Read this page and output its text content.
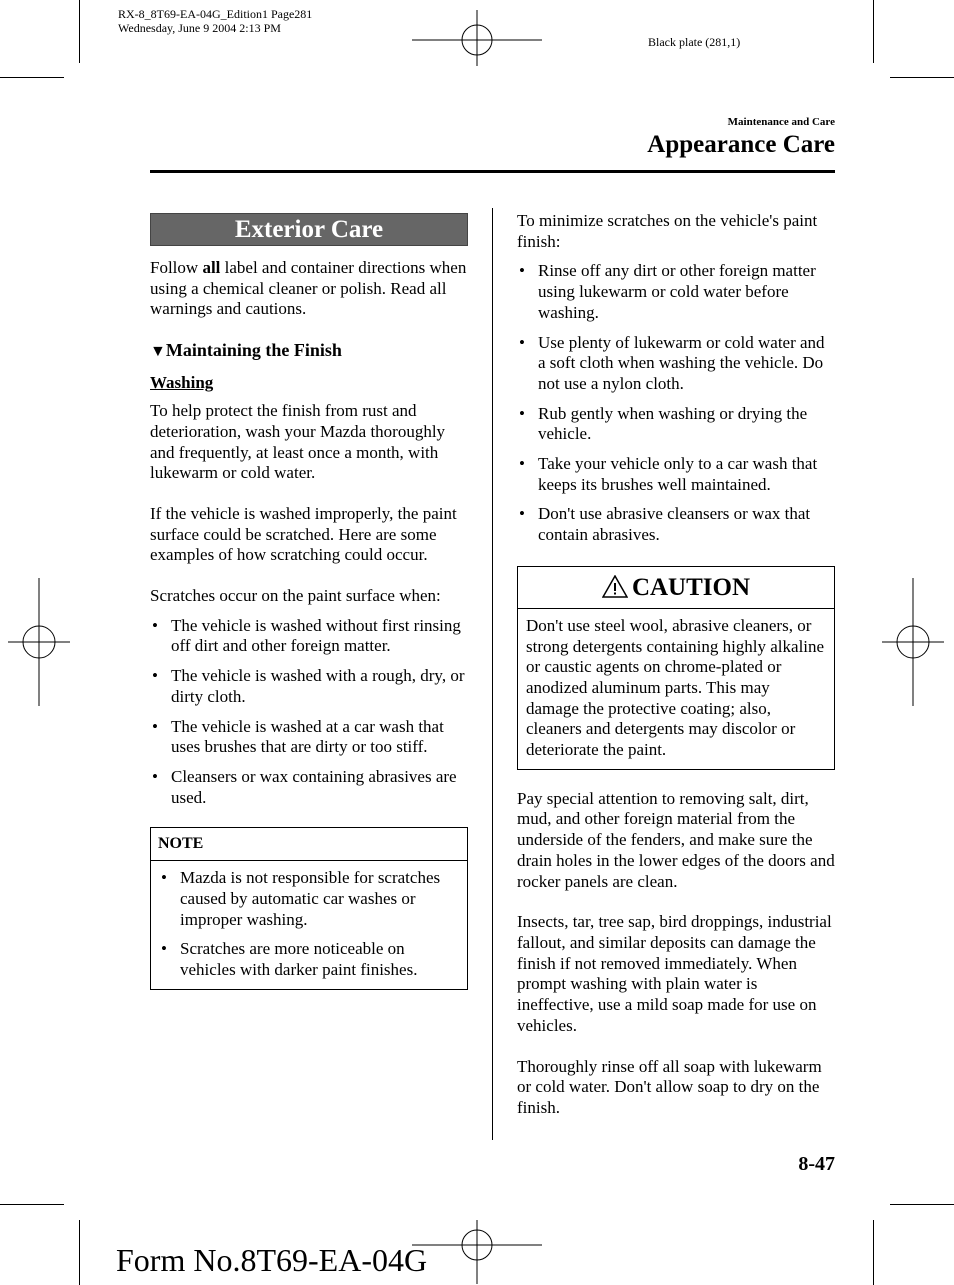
RX-8_8T69-EA-04G_Edition1 Page281
Wednesday, June 9 2004 2:13 PM
Black plate (281,1)
Maintenance and Care
Appearance Care
Exterior Care

Follow all label and container directions when using a chemical cleaner or polish. Read all warnings and cautions.

▼Maintaining the Finish
Washing

To help protect the finish from rust and deterioration, wash your Mazda thoroughly and frequently, at least once a month, with lukewarm or cold water.

If the vehicle is washed improperly, the paint surface could be scratched. Here are some examples of how scratching could occur.

Scratches occur on the paint surface when:

• The vehicle is washed without first rinsing off dirt and other foreign matter.
• The vehicle is washed with a rough, dry, or dirty cloth.
• The vehicle is washed at a car wash that uses brushes that are dirty or too stiff.
• Cleansers or wax containing abrasives are used.
NOTE
• Mazda is not responsible for scratches caused by automatic car washes or improper washing.
• Scratches are more noticeable on vehicles with darker paint finishes.

To minimize scratches on the vehicle's paint finish:

• Rinse off any dirt or other foreign matter using lukewarm or cold water before washing.
• Use plenty of lukewarm or cold water and a soft cloth when washing the vehicle. Do not use a nylon cloth.
• Rub gently when washing or drying the vehicle.
• Take your vehicle only to a car wash that keeps its brushes well maintained.
• Don't use abrasive cleansers or wax that contain abrasives.
CAUTION

Don't use steel wool, abrasive cleaners, or strong detergents containing highly alkaline or caustic agents on chrome-plated or anodized aluminum parts. This may damage the protective coating; also, cleaners and detergents may discolor or deteriorate the paint.

Pay special attention to removing salt, dirt, mud, and other foreign material from the underside of the fenders, and make sure the drain holes in the lower edges of the doors and rocker panels are clean.

Insects, tar, tree sap, bird droppings, industrial fallout, and similar deposits can damage the finish if not removed immediately. When prompt washing with plain water is ineffective, use a mild soap made for use on vehicles.

Thoroughly rinse off all soap with lukewarm or cold water. Don't allow soap to dry on the finish.

8-47
Form No.8T69-EA-04G
